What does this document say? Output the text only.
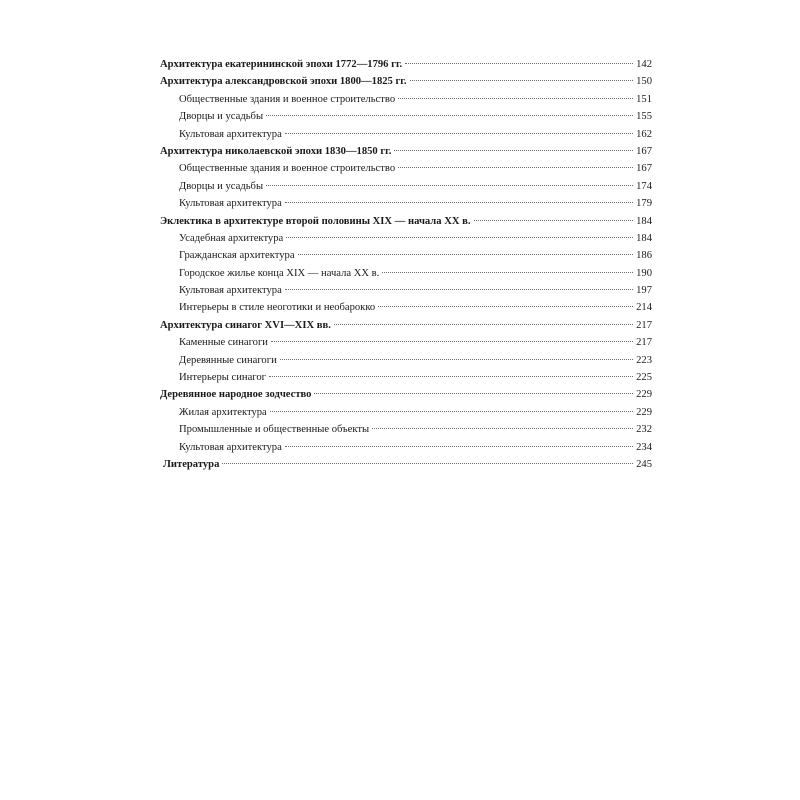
Архитектура екатерининской эпохи 1772—1796 гг.	142
Архитектура александровской эпохи 1800—1825 гг.	150
Общественные здания и военное строительство	151
Дворцы и усадьбы	155
Культовая архитектура	162
Архитектура николаевской эпохи 1830—1850 гг.	167
Общественные здания и военное строительство	167
Дворцы и усадьбы	174
Культовая архитектура	179
Эклектика в архитектуре второй половины XIX — начала XX в.	184
Усадебная архитектура	184
Гражданская архитектура	186
Городское жилье конца XIX — начала XX в.	190
Культовая архитектура	197
Интерьеры в стиле неоготики и необарокко	214
Архитектура синагог XVI—XIX вв.	217
Каменные синагоги	217
Деревянные синагоги	223
Интерьеры синагог	225
Деревянное народное зодчество	229
Жилая архитектура	229
Промышленные и общественные объекты	232
Культовая архитектура	234
Литература	245
